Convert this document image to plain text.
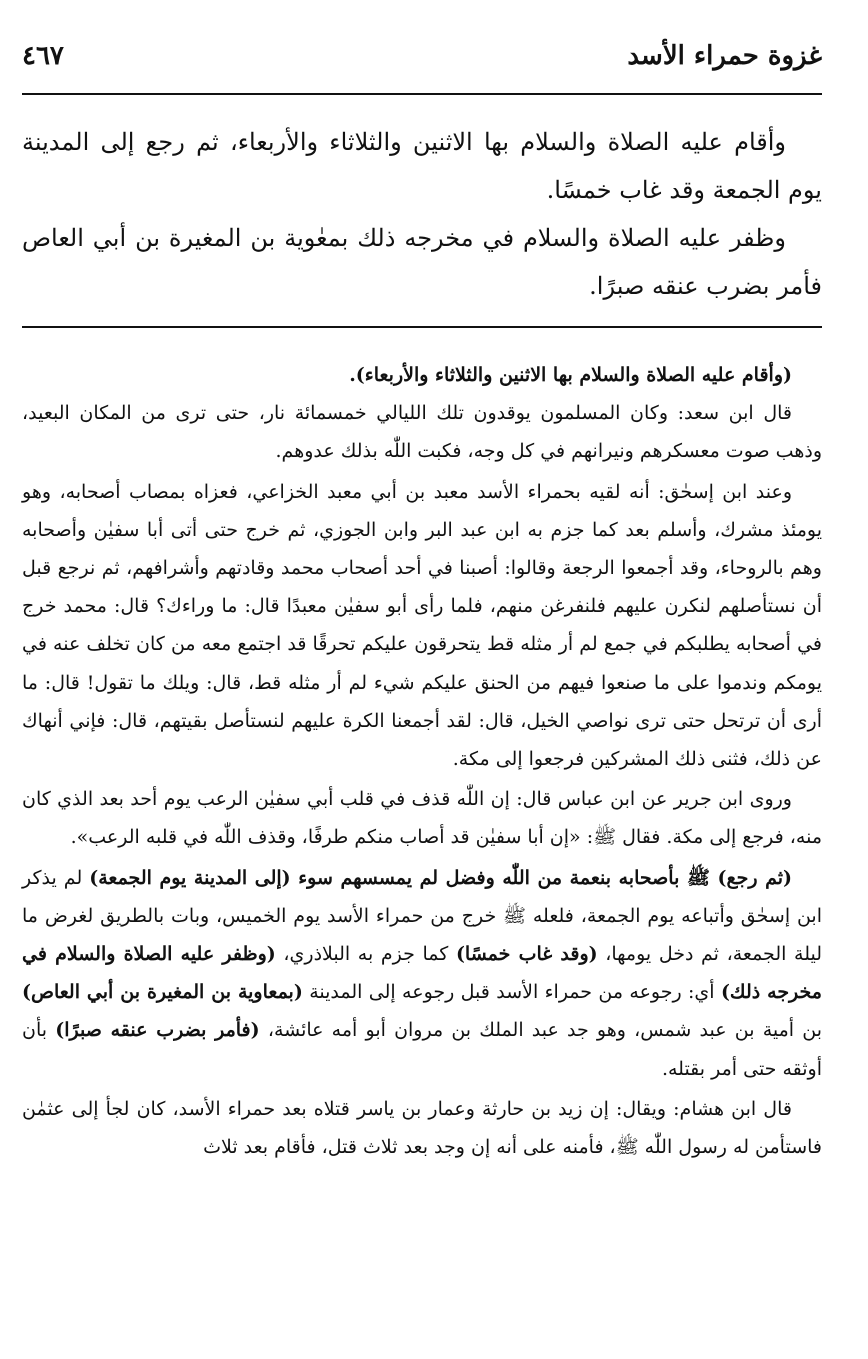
غزوة حمراء الأسد
٤٦٧

وأقام عليه الصلاة والسلام بها الاثنين والثلاثاء والأربعاء، ثم رجع إلى المدينة يوم الجمعة وقد غاب خمسًا.

وظفر عليه الصلاة والسلام في مخرجه ذلك بمعٰوية بن المغيرة بن أبي العاص فأمر بضرب عنقه صبرًا.

(وأقام عليه الصلاة والسلام بها الاثنين والثلاثاء والأربعاء).

قال ابن سعد: وكان المسلمون يوقدون تلك الليالي خمسمائة نار، حتى ترى من المكان البعيد، وذهب صوت معسكرهم ونيرانهم في كل وجه، فكبت اللّٰه بذلك عدوهم.

وعند ابن إسحٰق: أنه لقيه بحمراء الأسد معبد بن أبي معبد الخزاعي، فعزاه بمصاب أصحابه، وهو يومئذ مشرك، وأسلم بعد كما جزم به ابن عبد البر وابن الجوزي، ثم خرج حتى أتى أبا سفيٰن وأصحابه وهم بالروحاء، وقد أجمعوا الرجعة وقالوا: أصبنا في أحد أصحاب محمد وقادتهم وأشرافهم، ثم نرجع قبل أن نستأصلهم لنكرن عليهم فلنفرغن منهم، فلما رأى أبو سفيٰن معبدًا قال: ما وراءك؟ قال: محمد خرج في أصحابه يطلبكم في جمع لم أر مثله قط يتحرقون عليكم تحرقًا قد اجتمع معه من كان تخلف عنه في يومكم وندموا على ما صنعوا فيهم من الحنق عليكم شيء لم أر مثله قط، قال: ويلك ما تقول! قال: ما أرى أن ترتحل حتى ترى نواصي الخيل، قال: لقد أجمعنا الكرة عليهم لنستأصل بقيتهم، قال: فإني أنهاك عن ذلك، فثنى ذلك المشركين فرجعوا إلى مكة.

وروى ابن جرير عن ابن عباس قال: إن اللّٰه قذف في قلب أبي سفيٰن الرعب يوم أحد بعد الذي كان منه، فرجع إلى مكة. فقال ﷺ: «إن أبا سفيٰن قد أصاب منكم طرفًا، وقذف اللّٰه في قلبه الرعب».

(ثم رجع) ﷺ بأصحابه بنعمة من اللّٰه وفضل لم يمسسهم سوء (إلى المدينة يوم الجمعة) لم يذكر ابن إسحٰق وأتباعه يوم الجمعة، فلعله ﷺ خرج من حمراء الأسد يوم الخميس، وبات بالطريق لغرض ما ليلة الجمعة، ثم دخل يومها، (وقد غاب خمسًا) كما جزم به البلاذري، (وظفر عليه الصلاة والسلام في مخرجه ذلك) أي: رجوعه من حمراء الأسد قبل رجوعه إلى المدينة (بمعاوية بن المغيرة بن أبي العاص) بن أمية بن عبد شمس، وهو جد عبد الملك بن مروان أبو أمه عائشة، (فأمر بضرب عنقه صبرًا) بأن أوثقه حتى أمر بقتله.

قال ابن هشام: ويقال: إن زيد بن حارثة وعمار بن ياسر قتلاه بعد حمراء الأسد، كان لجأ إلى عثمٰن فاستأمن له رسول اللّٰه ﷺ، فأمنه على أنه إن وجد بعد ثلاث قتل، فأقام بعد ثلاث
